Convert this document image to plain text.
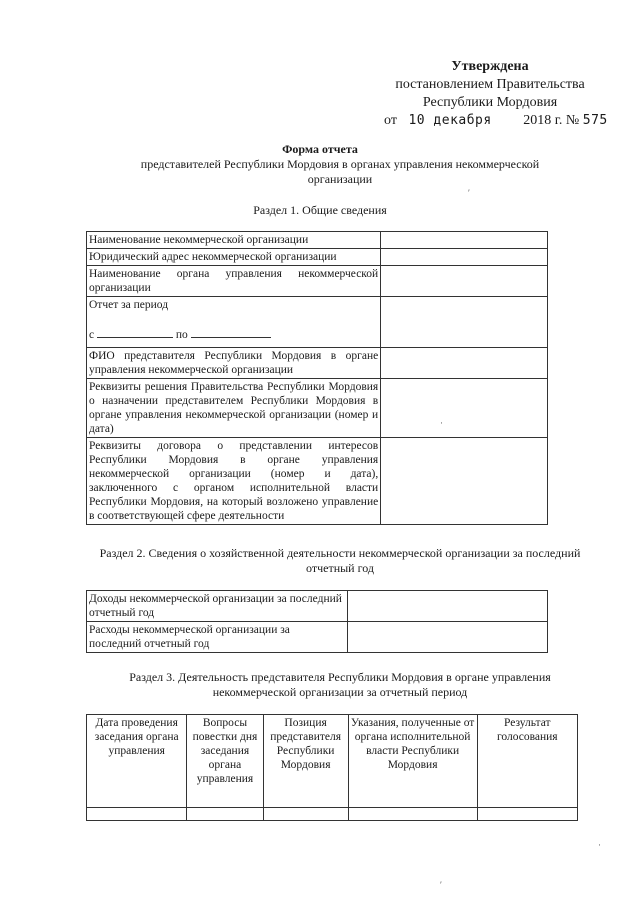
Утверждена
постановлением Правительства
Республики Мордовия
от 10 декабря 2018 г. № 575
Форма отчета
представителей Республики Мордовия в органах управления некоммерческой организации
Раздел 1. Общие сведения
Наименование некоммерческой организации	
Юридический адрес некоммерческой организации	
Наименование органа управления некоммерческой организации	

Отчет за период
с по	

ФИО представителя Республики Мордовия в органе управления некоммерческой организации	
Реквизиты решения Правительства Республики Мордовия о назначении представителем Республики Мордовия в органе управления некоммерческой организации (номер и дата)	
Реквизиты договора о представлении интересов Республики Мордовия в органе управления некоммерческой организации (номер и дата), заключенного с органом исполнительной власти Республики Мордовия, на который возложено управление в соответствующей сфере деятельности	
Раздел 2. Сведения о хозяйственной деятельности некоммерческой организации за последний отчетный год
Доходы некоммерческой организации за последний отчетный год	
Расходы некоммерческой организации за последний отчетный год	
Раздел 3. Деятельность представителя Республики Мордовия в органе управления некоммерческой организации за отчетный период
Дата проведения заседания органа управления	Вопросы повестки дня заседания органа управления	Позиция представителя Республики Мордовия	Указания, полученные от органа исполнительной власти Республики Мордовия	Результат голосования

′
·
·
′
